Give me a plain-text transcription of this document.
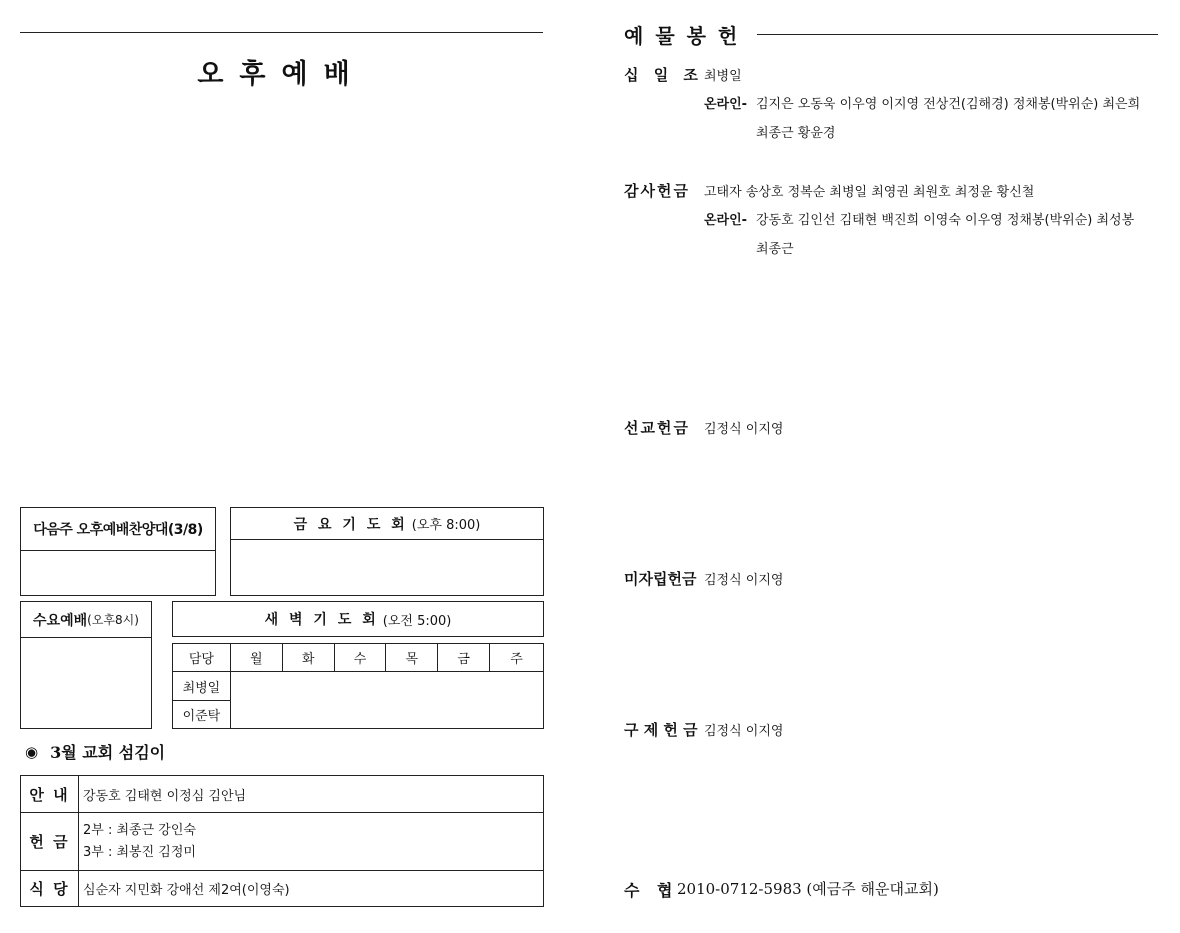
오후예배
다음주 오후예배찬양대(3/8)	금 요 기 도 회 (오후 8:00)
수요예배 (오후8시)	새 벽 기 도 회 (오전 5:00)
담당	월	화	수	목	금	주
최병일						
이준탁						
◉ 3월 교회 섬김이
안 내	강동호 김태현 이정심 김안님
헌 금	2부 : 최종근 강인숙
3부 : 최봉진 김정미

식 당	심순자 지민화 강애선 제2여(이영숙)
예물봉헌
십 일 조 최병일
온라인- 김지은 오동욱 이우영 이지영 전상건(김해경) 정채봉(박위순) 최은희
최종근 황윤경
감사헌금 고태자 송상호 정복순 최병일 최영권 최원호 최정윤 황신철
온라인- 강동호 김인선 김태현 백진희 이영숙 이우영 정채봉(박위순) 최성봉
최종근
선교헌금 김정식 이지영
미자립헌금 김정식 이지영
구 제 헌 금 김정식 이지영
수 협
2010-0712-5983 (예금주 해운대교회)
